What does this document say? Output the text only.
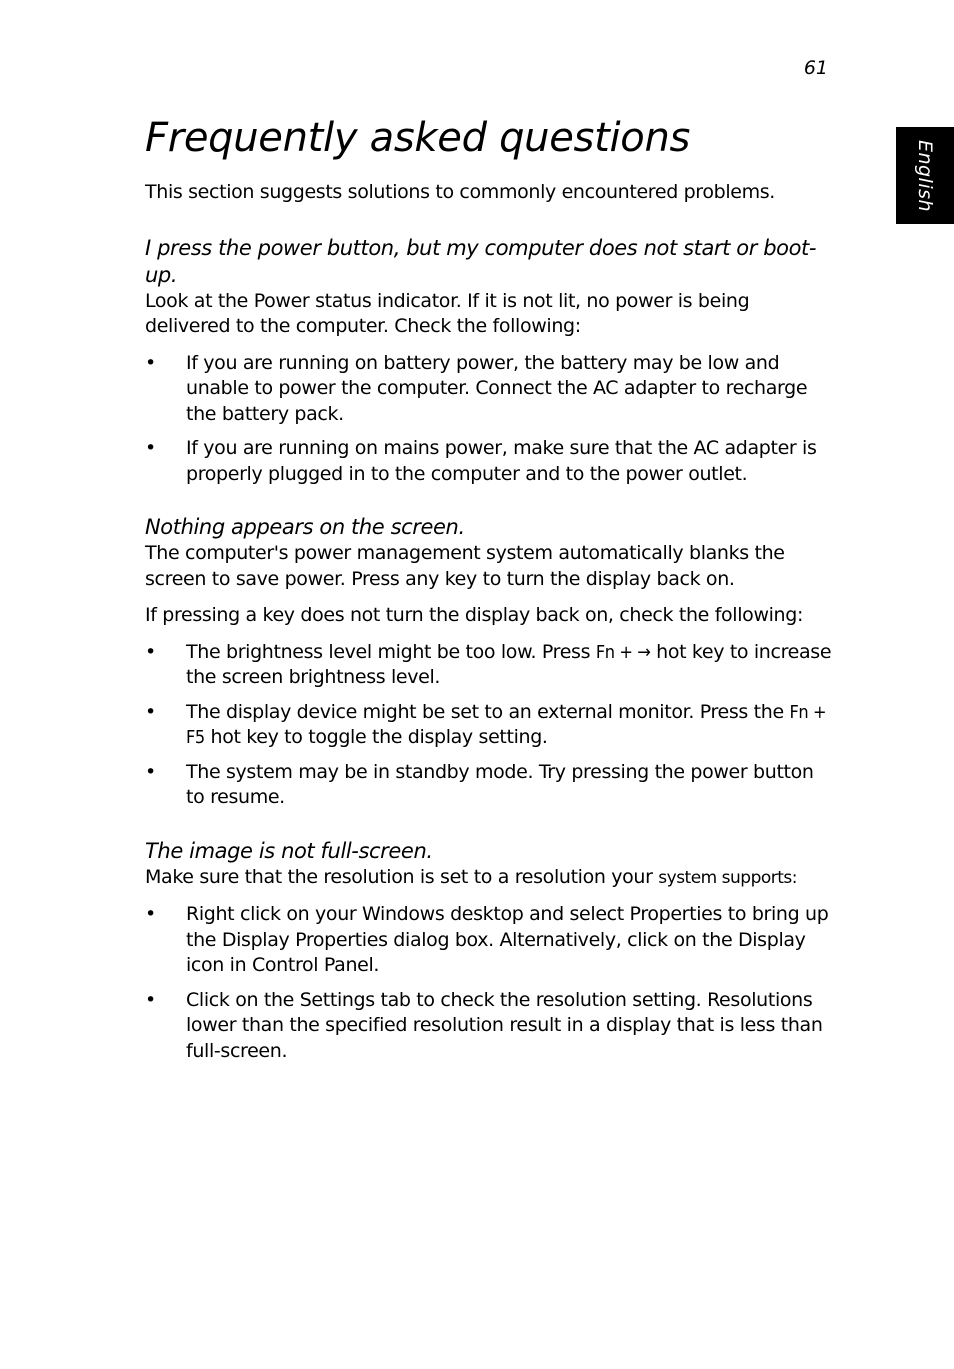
61
English
Frequently asked questions

This section suggests solutions to commonly encountered problems.

I press the power button, but my computer does not start or boot-up.

Look at the Power status indicator. If it is not lit, no power is being delivered to the computer. Check the following:

• If you are running on battery power, the battery may be low and unable to power the computer. Connect the AC adapter to recharge the battery pack.
• If you are running on mains power, make sure that the AC adapter is properly plugged in to the computer and to the power outlet.
Nothing appears on the screen.

The computer's power management system automatically blanks the screen to save power. Press any key to turn the display back on.

If pressing a key does not turn the display back on, check the following:

• The brightness level might be too low. Press Fn + → hot key to increase the screen brightness level.
• The display device might be set to an external monitor. Press the Fn + F5 hot key to toggle the display setting.
• The system may be in standby mode. Try pressing the power button to resume.
The image is not full-screen.

Make sure that the resolution is set to a resolution your system supports:

• Right click on your Windows desktop and select Properties to bring up the Display Properties dialog box. Alternatively, click on the Display icon in Control Panel.
• Click on the Settings tab to check the resolution setting. Resolutions lower than the specified resolution result in a display that is less than full-screen.
